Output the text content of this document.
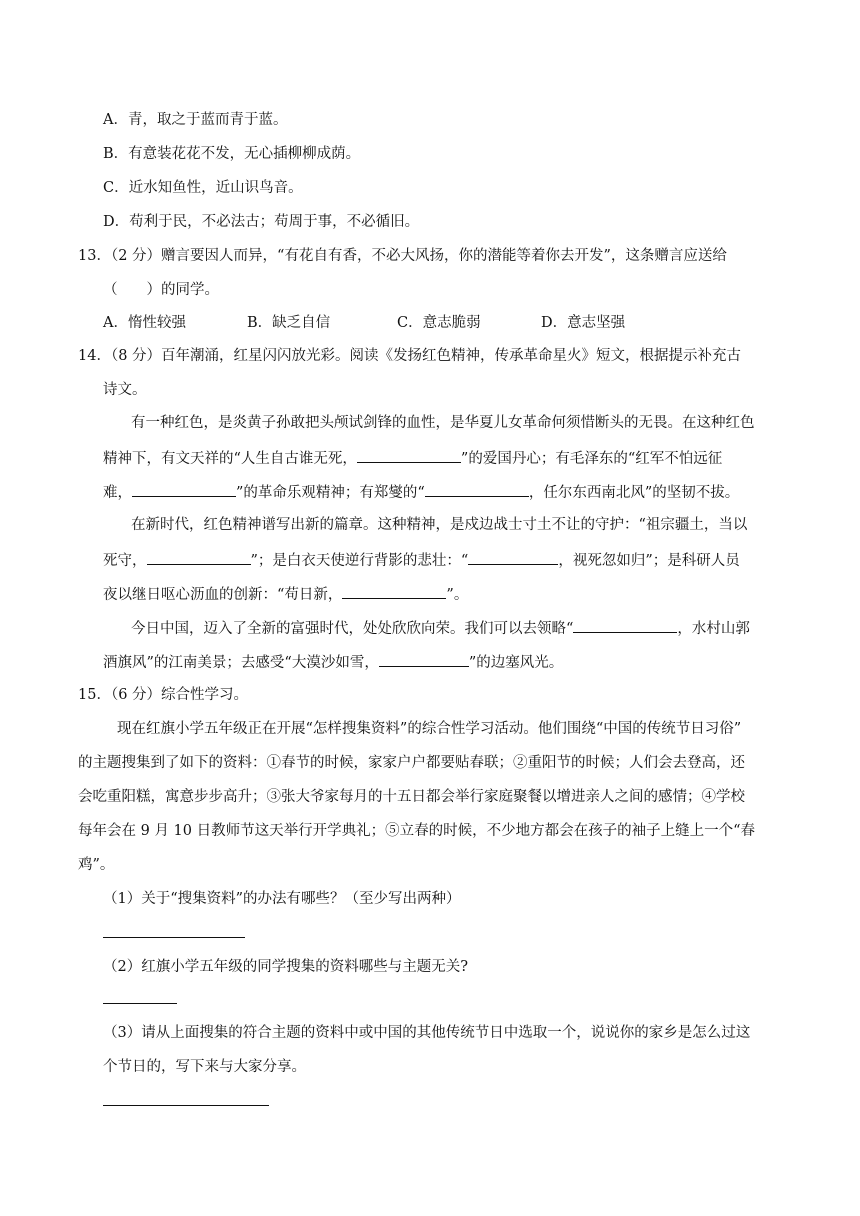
A．青，取之于蓝而青于蓝。
B．有意装花花不发，无心插柳柳成荫。
C．近水知鱼性，近山识鸟音。
D．苟利于民，不必法古；苟周于事，不必循旧。
13．（2 分）赠言要因人而异，“有花自有香，不必大风扬，你的潜能等着你去开发”，这条赠言应送给
（　　）的同学。
A．惰性较强	B．缺乏自信	C．意志脆弱	D．意志坚强
14．（8 分）百年潮涌，红星闪闪放光彩。阅读《发扬红色精神，传承革命星火》短文，根据提示补充古
诗文。
有一种红色，是炎黄子孙敢把头颅试剑锋的血性，是华夏儿女革命何须惜断头的无畏。在这种红色
精神下，有文天祥的“人生自古谁无死，	”的爱国丹心；有毛泽东的“红军不怕远征
难，	”的革命乐观精神；有郑燮的“	，任尔东西南北风”的坚韧不拔。
在新时代，红色精神谱写出新的篇章。这种精神，是戍边战士寸土不让的守护：“祖宗疆土，当以
死守，	”；是白衣天使逆行背影的悲壮：“	，视死忽如归”；是科研人员
夜以继日呕心沥血的创新：“苟日新，	”。
今日中国，迈入了全新的富强时代，处处欣欣向荣。我们可以去领略“	，水村山郭
酒旗风”的江南美景；去感受“大漠沙如雪，	”的边塞风光。
15．（6 分）综合性学习。
现在红旗小学五年级正在开展“怎样搜集资料”的综合性学习活动。他们围绕“中国的传统节日习俗”
的主题搜集到了如下的资料：①春节的时候，家家户户都要贴春联；②重阳节的时候；人们会去登高，还
会吃重阳糕，寓意步步高升；③张大爷家每月的十五日都会举行家庭聚餐以增进亲人之间的感情；④学校
每年会在 9 月 10 日教师节这天举行开学典礼；⑤立春的时候，不少地方都会在孩子的袖子上缝上一个“春
鸡”。
（1）关于“搜集资料”的办法有哪些？（至少写出两种）
（2）红旗小学五年级的同学搜集的资料哪些与主题无关?
（3）请从上面搜集的符合主题的资料中或中国的其他传统节日中选取一个，说说你的家乡是怎么过这
个节日的，写下来与大家分享。
